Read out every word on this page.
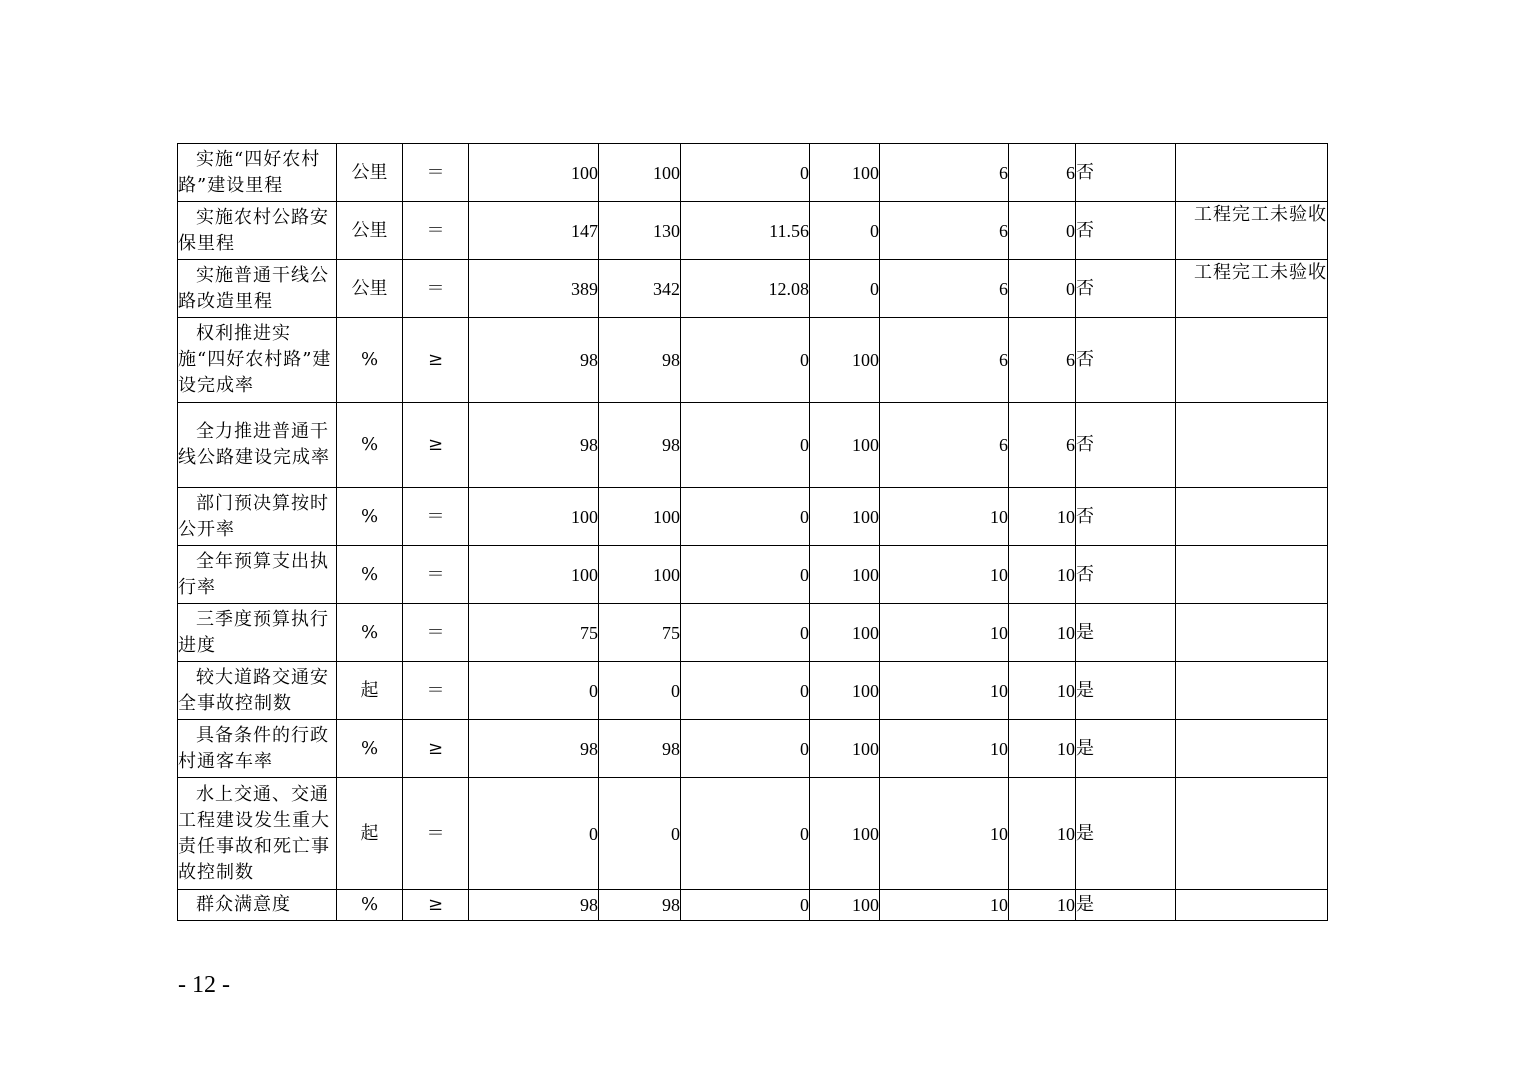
实施“四好农村路”建设里程	公里	＝	100	100	0	100	6	6	否	
实施农村公路安保里程	公里	＝	147	130	11.56	0	6	0	否	工程完工未验收
实施普通干线公路改造里程	公里	＝	389	342	12.08	0	6	0	否	工程完工未验收
权利推进实施“四好农村路”建设完成率	%	≥	98	98	0	100	6	6	否	
全力推进普通干线公路建设完成率	%	≥	98	98	0	100	6	6	否	
部门预决算按时公开率	%	＝	100	100	0	100	10	10	否	
全年预算支出执行率	%	＝	100	100	0	100	10	10	否	
三季度预算执行进度	%	＝	75	75	0	100	10	10	是	
较大道路交通安全事故控制数	起	＝	0	0	0	100	10	10	是	
具备条件的行政村通客车率	%	≥	98	98	0	100	10	10	是	
水上交通、交通工程建设发生重大责任事故和死亡事故控制数	起	＝	0	0	0	100	10	10	是	
群众满意度	%	≥	98	98	0	100	10	10	是	
- 12 -
